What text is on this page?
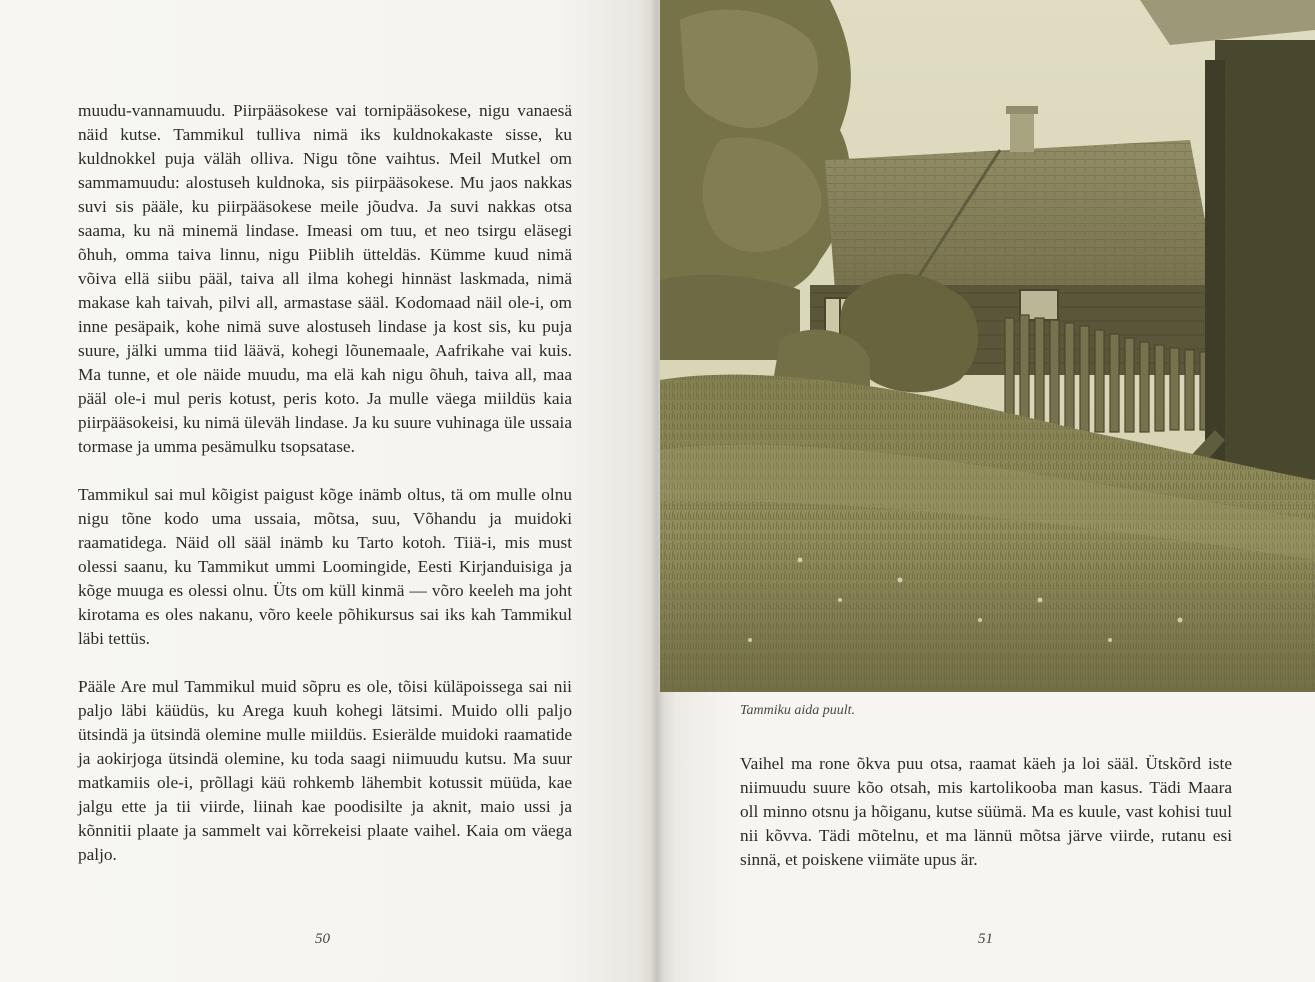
muudu-vannamuudu. Piirpääsokese vai tornipääsokese, nigu vanaesä näid kutse. Tammikul tulliva nimä iks kuldnokakaste sisse, ku kuldnokkel puja väläh olliva. Nigu tõne vaihtus. Meil Mutkel om sammamuudu: alostuseh kuldnoka, sis piirpääsokese. Mu jaos nakkas suvi sis pääle, ku piirpääsokese meile jõudva. Ja suvi nakkas otsa saama, ku nä minemä lindase. Imeasi om tuu, et neo tsirgu eläsegi õhuh, omma taiva linnu, nigu Piiblih ütteldäs. Kümme kuud nimä võiva ellä siibu pääl, taiva all ilma kohegi hinnäst laskmada, nimä makase kah taivah, pilvi all, armastase sääl. Kodomaad näil ole-i, om inne pesäpaik, kohe nimä suve alostuseh lindase ja kost sis, ku puja suure, jälki umma tiid läävä, kohegi lõunemaale, Aafrikahe vai kuis. Ma tunne, et ole näide muudu, ma elä kah nigu õhuh, taiva all, maa pääl ole-i mul peris kotust, peris koto. Ja mulle väega miildüs kaia piirpääsokeisi, ku nimä üleväh lindase. Ja ku suure vuhinaga üle ussaia tormase ja umma pesämulku tsopsatase.

Tammikul sai mul kõigist paigust kõge inämb oltus, tä om mulle olnu nigu tõne kodo uma ussaia, mõtsa, suu, Võhandu ja muidoki raamatidega. Näid oll sääl inämb ku Tarto kotoh. Tiiä-i, mis must olessi saanu, ku Tammikut ummi Loomingide, Eesti Kirjanduisiga ja kõge muuga es olessi olnu. Üts om küll kinmä — võro keeleh ma joht kirotama es oles nakanu, võro keele põhikursus sai iks kah Tammikul läbi tettüs.

Pääle Are mul Tammikul muid sõpru es ole, tõisi küläpoissega sai nii paljo läbi käüdüs, ku Arega kuuh kohegi lätsimi. Muido olli paljo ütsindä ja ütsindä olemine mulle miildüs. Esierälde muidoki raamatide ja aokirjoga ütsindä olemine, ku toda saagi niimuudu kutsu. Ma suur matkamiis ole-i, prõllagi käü rohkemb lähembit kotussit müüda, kae jalgu ette ja tii viirde, liinah kae poodisilte ja aknit, maio ussi ja kõnnitii plaate ja sammelt vai kõrrekeisi plaate vaihel. Kaia om väega paljo.

50
Tammiku aida puult.

Vaihel ma rone õkva puu otsa, raamat käeh ja loi sääl. Ütskõrd iste niimuudu suure kõo otsah, mis kartolikooba man kasus. Tädi Maara oll minno otsnu ja hõiganu, kutse süümä. Ma es kuule, vast kohisi tuul nii kõvva. Tädi mõtelnu, et ma lännü mõtsa järve viirde, rutanu esi sinnä, et poiskene viimäte upus är.

51
